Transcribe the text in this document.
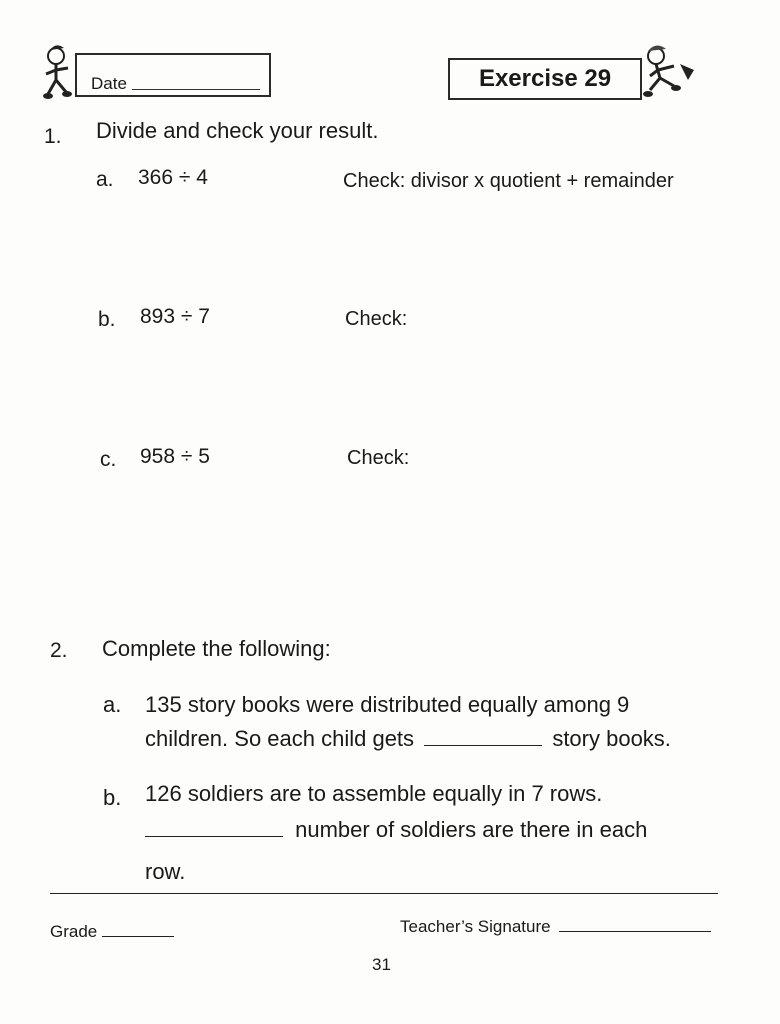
Date	Exercise 29
1. Divide and check your result.
a. 366 ÷ 4	Check: divisor x quotient + remainder
b. 893 ÷ 7	Check:
c. 958 ÷ 5	Check:
2. Complete the following:
a. 135 story books were distributed equally among 9
children. So each child gets	story books.
b. 126 soldiers are to assemble equally in 7 rows.
number of soldiers are there in each
row.
Grade	Teacher’s Signature
31
